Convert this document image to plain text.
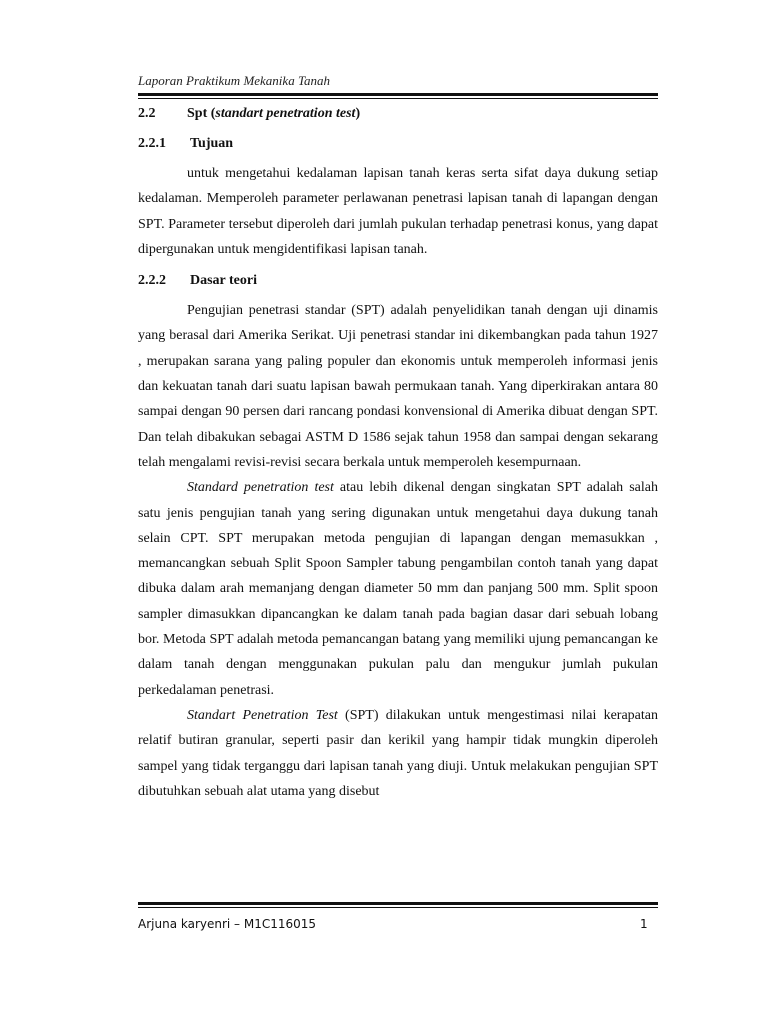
Laporan Praktikum Mekanika Tanah
2.2	Spt (standart penetration test)
2.2.1	Tujuan

untuk mengetahui kedalaman lapisan tanah keras serta sifat daya dukung setiap kedalaman. Memperoleh parameter perlawanan penetrasi lapisan tanah di lapangan dengan SPT. Parameter tersebut diperoleh dari jumlah pukulan terhadap penetrasi konus, yang dapat dipergunakan untuk mengidentifikasi lapisan tanah.

2.2.2	Dasar teori

Pengujian penetrasi standar (SPT) adalah penyelidikan tanah dengan uji dinamis yang berasal dari Amerika Serikat. Uji penetrasi standar ini dikembangkan pada tahun 1927 , merupakan sarana yang paling populer dan ekonomis untuk memperoleh informasi jenis dan kekuatan tanah dari suatu lapisan bawah permukaan tanah. Yang diperkirakan antara 80 sampai dengan 90 persen dari rancang pondasi konvensional di Amerika dibuat dengan SPT. Dan telah dibakukan sebagai ASTM D 1586 sejak tahun 1958 dan sampai dengan sekarang telah mengalami revisi-revisi secara berkala untuk memperoleh kesempurnaan.

Standard penetration test atau lebih dikenal dengan singkatan SPT adalah salah satu jenis pengujian tanah yang sering digunakan untuk mengetahui daya dukung tanah selain CPT. SPT merupakan metoda pengujian di lapangan dengan memasukkan , memancangkan sebuah Split Spoon Sampler tabung pengambilan contoh tanah yang dapat dibuka dalam arah memanjang dengan diameter 50 mm dan panjang 500 mm. Split spoon sampler dimasukkan dipancangkan ke dalam tanah pada bagian dasar dari sebuah lobang bor. Metoda SPT adalah metoda pemancangan batang yang memiliki ujung pemancangan ke dalam tanah dengan menggunakan pukulan palu dan mengukur jumlah pukulan perkedalaman penetrasi.

Standart Penetration Test (SPT) dilakukan untuk mengestimasi nilai kerapatan relatif butiran granular, seperti pasir dan kerikil yang hampir tidak mungkin diperoleh sampel yang tidak terganggu dari lapisan tanah yang diuji. Untuk melakukan pengujian SPT dibutuhkan sebuah alat utama yang disebut

Arjuna karyenri – M1C116015	1
